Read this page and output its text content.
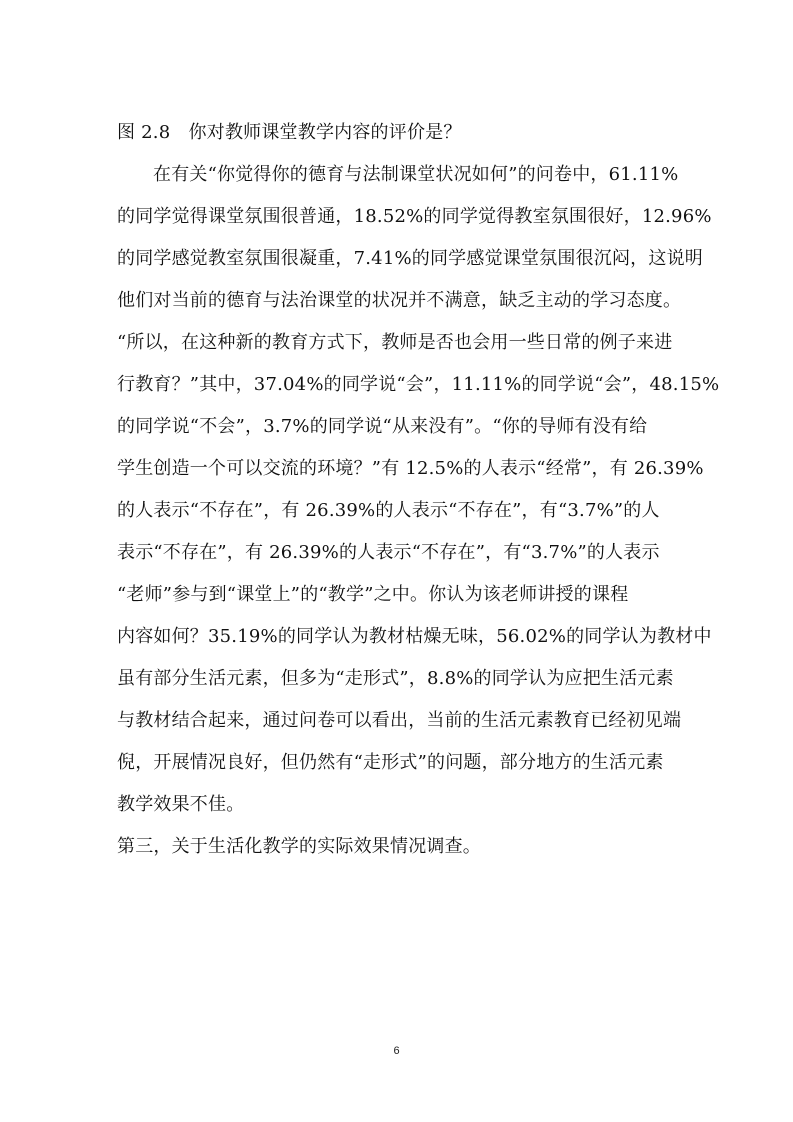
图 2.8　你对教师课堂教学内容的评价是？
在有关“你觉得你的德育与法制课堂状况如何”的问卷中，61.11%
的同学觉得课堂氛围很普通，18.52%的同学觉得教室氛围很好，12.96%
的同学感觉教室氛围很凝重，7.41%的同学感觉课堂氛围很沉闷，这说明
他们对当前的德育与法治课堂的状况并不满意，缺乏主动的学习态度。
“所以，在这种新的教育方式下，教师是否也会用一些日常的例子来进
行教育？”其中，37.04%的同学说“会”，11.11%的同学说“会”，48.15%
的同学说“不会”，3.7%的同学说“从来没有”。“你的导师有没有给
学生创造一个可以交流的环境？”有 12.5%的人表示“经常”，有 26.39%
的人表示“不存在”，有 26.39%的人表示“不存在”，有“3.7%”的人
表示“不存在”，有 26.39%的人表示“不存在”，有“3.7%”的人表示
“老师”参与到“课堂上”的“教学”之中。你认为该老师讲授的课程
内容如何？35.19%的同学认为教材枯燥无味，56.02%的同学认为教材中
虽有部分生活元素，但多为“走形式”，8.8%的同学认为应把生活元素
与教材结合起来，通过问卷可以看出，当前的生活元素教育已经初见端
倪，开展情况良好，但仍然有“走形式”的问题，部分地方的生活元素
教学效果不佳。
第三，关于生活化教学的实际效果情况调查。
6
